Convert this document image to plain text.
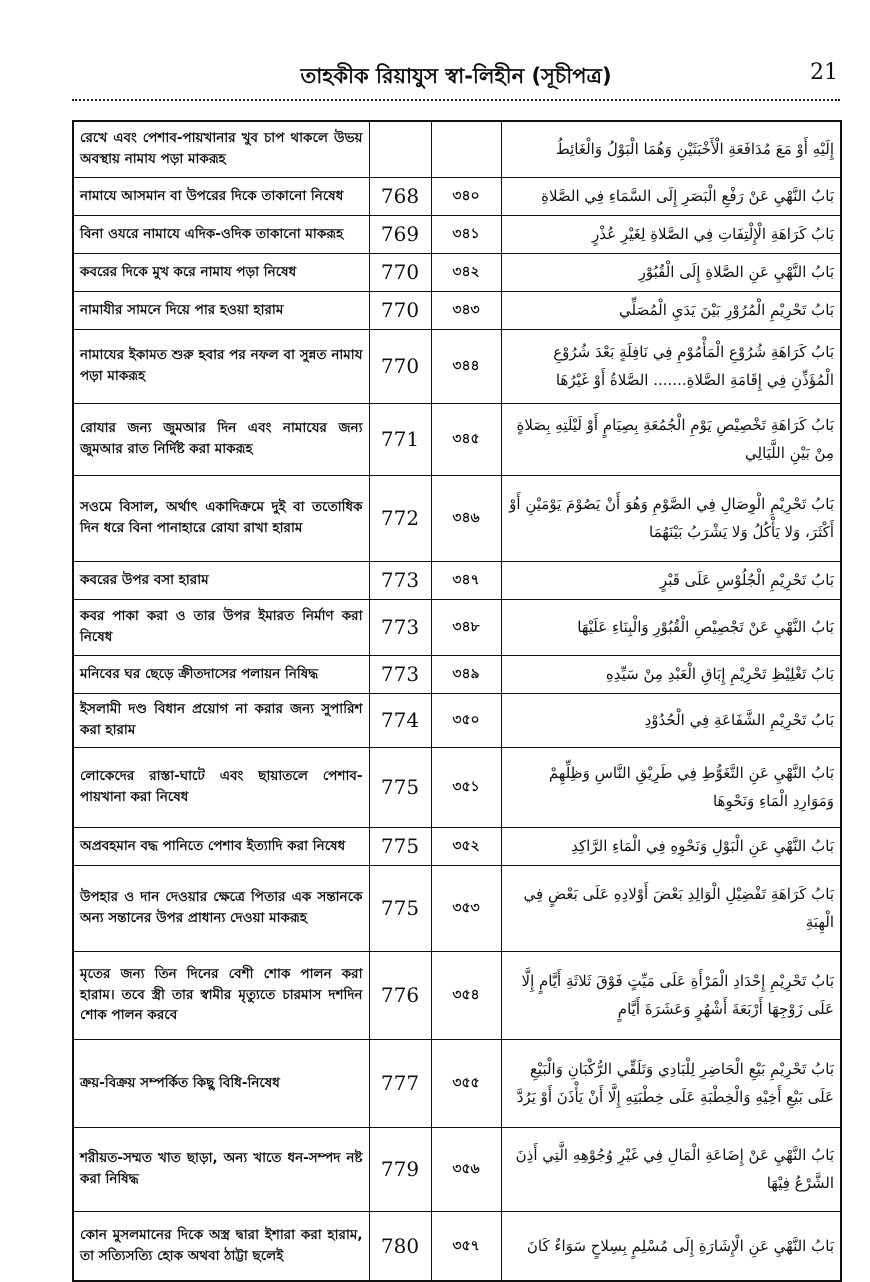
তাহকীক রিয়াযুস স্বা-লিহীন (সূচীপত্র)	21
রেখে এবং পেশাব-পায়খানার খুব চাপ থাকলে উভয় অবস্থায় নামায পড়া মাকরূহ			إِلَيْهِ أَوْ مَعَ مُدَافَعَةِ الْأَخْبَثَيْنِ وَهُمَا الْبَوْلُ وَالْغَائِطُ
নামাযে আসমান বা উপরের দিকে তাকানো নিষেধ	768	৩৪০	بَابُ النَّهْيِ عَنْ رَفْعِ الْبَصَرِ إِلَى السَّمَاءِ فِي الصَّلاةِ
বিনা ওযরে নামাযে এদিক-ওদিক তাকানো মাকরূহ	769	৩৪১	بَابُ كَرَاهَةِ الْإِلْتِفَاتِ فِي الصَّلاةِ لِغَيْرِ عُذْرٍ
কবরের দিকে মুখ করে নামায পড়া নিষেধ	770	৩৪২	بَابُ النَّهْيِ عَنِ الصَّلاةِ إِلَى الْقُبُوْرِ
নামাযীর সামনে দিয়ে পার হওয়া হারাম	770	৩৪৩	بَابُ تَحْرِيْمِ الْمُرُوْرِ بَيْنَ يَدَيِ الْمُصَلِّي
নামাযের ইকামত শুরু হবার পর নফল বা সুন্নত নামায পড়া মাকরূহ	770	৩৪৪	بَابُ كَرَاهَةِ شُرُوْعِ الْمَأْمُوْمِ فِي نَافِلَةٍ بَعْدَ شُرُوْعِ الْمُؤَذِّنِ فِي إِقَامَةِ الصَّلاةِ....... الصَّلاةُ أَوْ غَيْرُهَا
রোযার জন্য জুমআর দিন এবং নামাযের জন্য জুমআর রাত নির্দিষ্ট করা মাকরূহ	771	৩৪৫	بَابُ كَرَاهَةِ تَخْصِيْصِ يَوْمِ الْجُمُعَةِ بِصِيَامٍ أَوْ لَيْلَتِهِ بِصَلاةٍ مِنْ بَيْنِ اللَّيَالِي
সওমে বিসাল, অর্থাৎ একাদিক্রমে দুই বা ততোধিক দিন ধরে বিনা পানাহারে রোযা রাখা হারাম	772	৩৪৬	بَابُ تَحْرِيْمِ الْوِصَالِ فِي الصَّوْمِ وَهُوَ أَنْ يَصُوْمَ يَوْمَيْنِ أَوْ أَكْثَرَ، وَلا يَأْكُلُ وَلا يَشْرَبُ بَيْنَهُمَا
কবরের উপর বসা হারাম	773	৩৪৭	بَابُ تَحْرِيْمِ الْجُلُوْسِ عَلَى قَبْرٍ
কবর পাকা করা ও তার উপর ইমারত নির্মাণ করা নিষেধ	773	৩৪৮	بَابُ النَّهْيِ عَنْ تَجْصِيْصِ الْقُبُوْرِ وَالْبِنَاءِ عَلَيْهَا
মনিবের ঘর ছেড়ে ক্রীতদাসের পলায়ন নিষিদ্ধ	773	৩৪৯	بَابُ تَغْلِيْظِ تَحْرِيْمِ إِبَاقِ الْعَبْدِ مِنْ سَيِّدِهِ
ইসলামী দণ্ড বিধান প্রয়োগ না করার জন্য সুপারিশ করা হারাম	774	৩৫০	بَابُ تَحْرِيْمِ الشَّفَاعَةِ فِي الْحُدُوْدِ
লোকেদের রাস্তা-ঘাটে এবং ছায়াতলে পেশাব-পায়খানা করা নিষেধ	775	৩৫১	بَابُ النَّهْيِ عَنِ التَّغَوُّطِ فِي طَرِيْقِ النَّاسِ وَظِلِّهِمْ وَمَوَارِدِ الْمَاءِ وَنَحْوِهَا
অপ্রবহমান বদ্ধ পানিতে পেশাব ইত্যাদি করা নিষেধ	775	৩৫২	بَابُ النَّهْيِ عَنِ الْبَوْلِ وَنَحْوِهِ فِي الْمَاءِ الرَّاكِدِ
উপহার ও দান দেওয়ার ক্ষেত্রে পিতার এক সন্তানকে অন্য সন্তানের উপর প্রাধান্য দেওয়া মাকরূহ	775	৩৫৩	بَابُ كَرَاهَةِ تَفْضِيْلِ الْوَالِدِ بَعْضَ أَوْلادِهِ عَلَى بَعْضٍ فِي الْهِبَةِ
মৃতের জন্য তিন দিনের বেশী শোক পালন করা হারাম। তবে স্ত্রী তার স্বামীর মৃত্যুতে চারমাস দশদিন শোক পালন করবে	776	৩৫৪	بَابُ تَحْرِيْمِ إِحْدَادِ الْمَرْأَةِ عَلَى مَيِّتٍ فَوْقَ ثَلاثَةِ أَيَّامٍ إِلَّا عَلَى زَوْجِهَا أَرْبَعَةَ أَشْهُرٍ وَعَشَرَةَ أَيَّامٍ
ক্রয়-বিক্রয় সম্পর্কিত কিছু বিধি-নিষেধ	777	৩৫৫	بَابُ تَحْرِيْمِ بَيْعِ الْحَاضِرِ لِلْبَادِي وَتَلَقِّي الرُّكْبَانِ وَالْبَيْعِ عَلَى بَيْعِ أَخِيْهِ وَالْخِطْبَةِ عَلَى خِطْبَتِهِ إِلَّا أَنْ يَأْذَنَ أَوْ يَرُدَّ
শরীয়ত-সম্মত খাত ছাড়া, অন্য খাতে ধন-সম্পদ নষ্ট করা নিষিদ্ধ	779	৩৫৬	بَابُ النَّهْيِ عَنْ إِضَاعَةِ الْمَالِ فِي غَيْرِ وُجُوْهِهِ الَّتِي أَذِنَ الشَّرْعُ فِيْهَا
কোন মুসলমানের দিকে অস্ত্র দ্বারা ইশারা করা হারাম, তা সত্যিসত্যি হোক অথবা ঠাট্টা ছলেই	780	৩৫৭	بَابُ النَّهْيِ عَنِ الْإِشَارَةِ إِلَى مُسْلِمٍ بِسِلاحٍ سَوَاءٌ كَانَ
